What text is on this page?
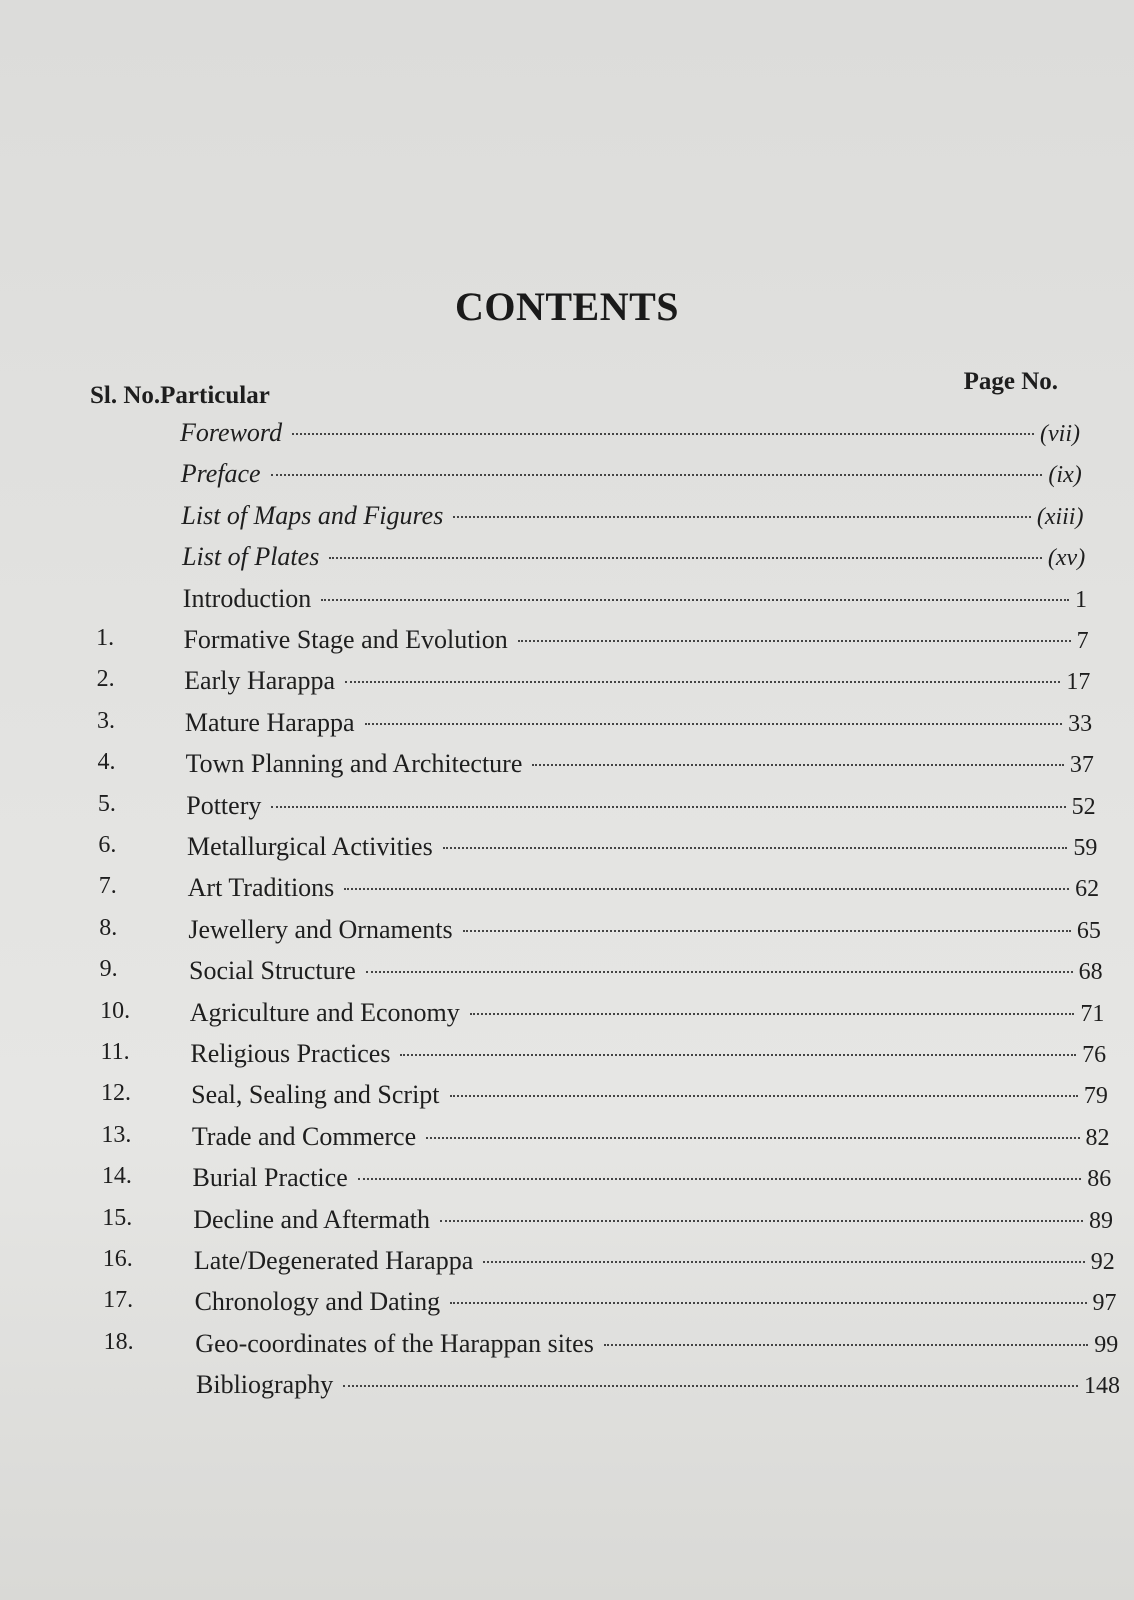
CONTENTS
Sl. No.Particular
Page No.
Foreword	(vii)
Preface	(ix)
List of Maps and Figures	(xiii)
List of Plates	(xv)
Introduction	1
1.	Formative Stage and Evolution	7
2.	Early Harappa	17
3.	Mature Harappa	33
4.	Town Planning and Architecture	37
5.	Pottery	52
6.	Metallurgical Activities	59
7.	Art Traditions	62
8.	Jewellery and Ornaments	65
9.	Social Structure	68
10. Agriculture and Economy	71
11. Religious Practices	76
12. Seal, Sealing and Script	79
13. Trade and Commerce	82
14. Burial Practice	86
15. Decline and Aftermath	89
16. Late/Degenerated Harappa	92
17. Chronology and Dating	97
18. Geo-coordinates of the Harappan sites	99
Bibliography	148
